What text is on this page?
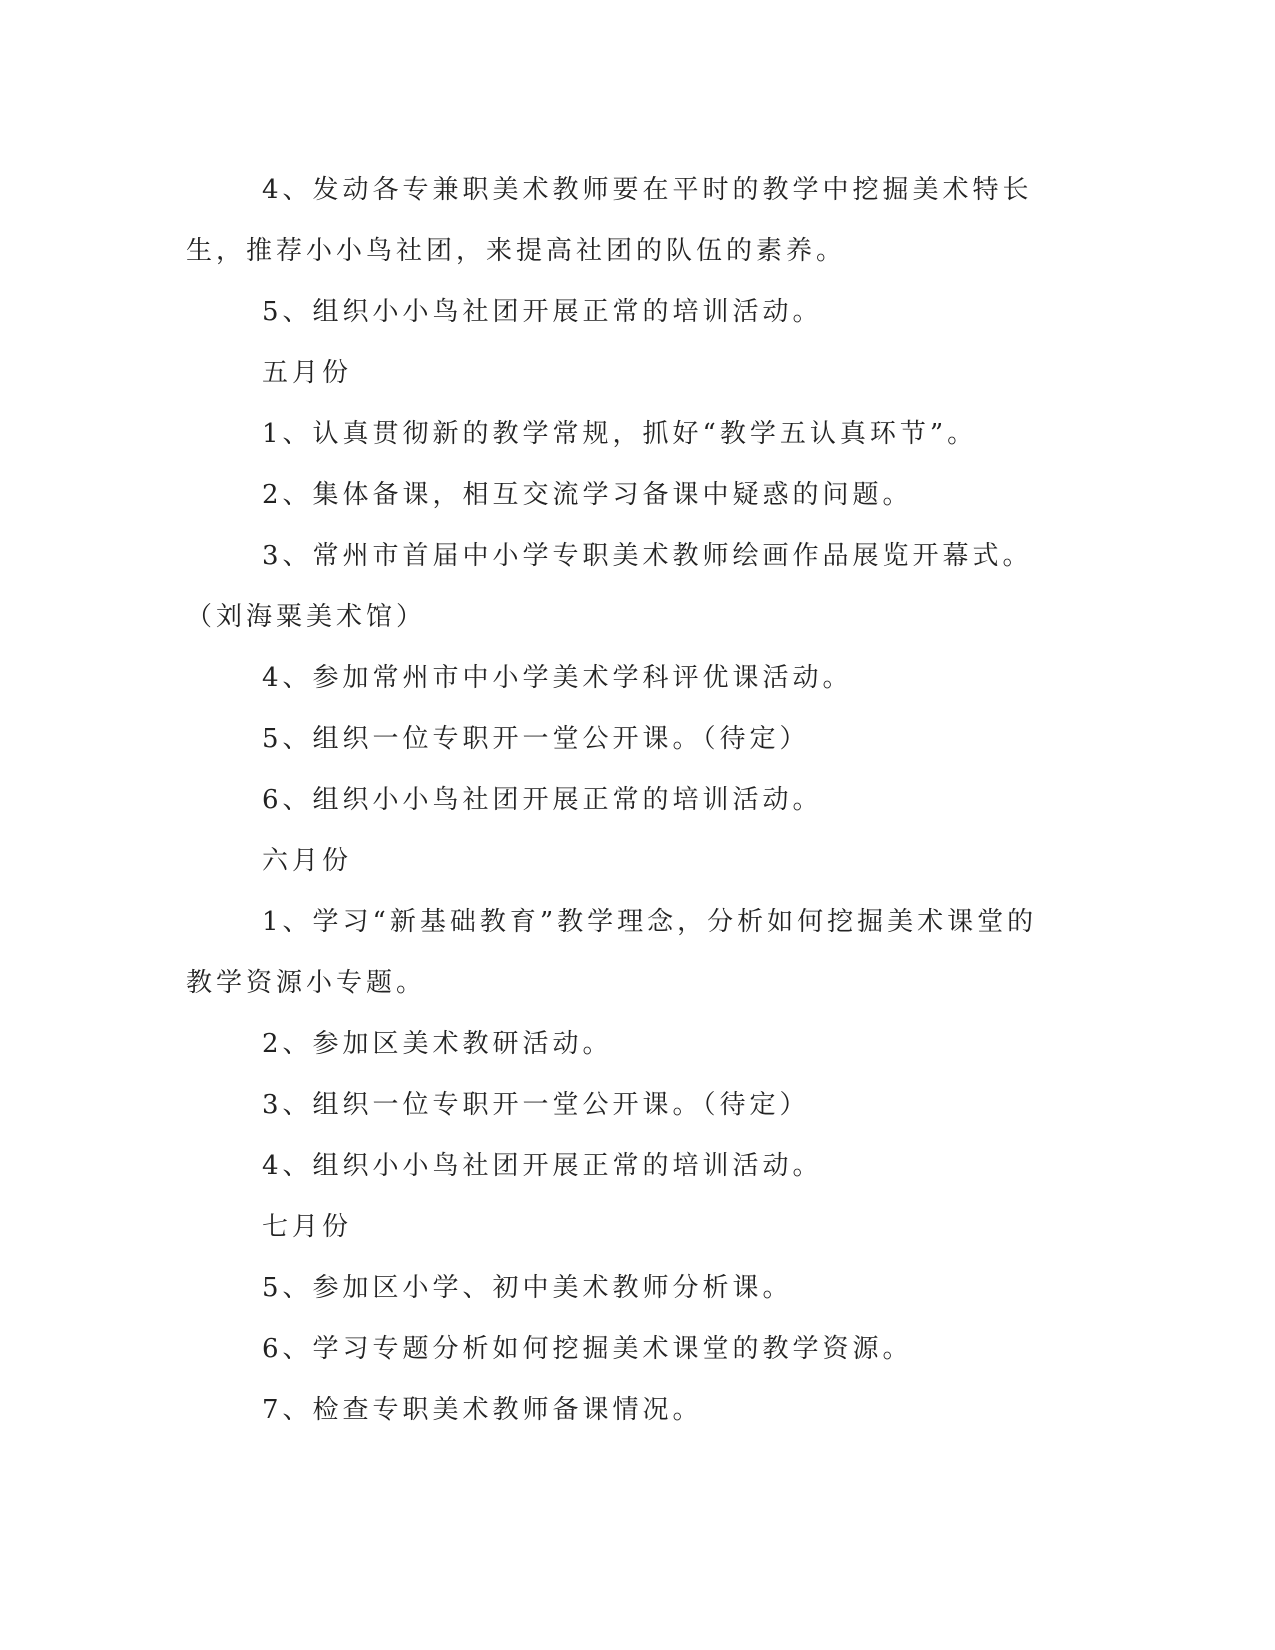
4、发动各专兼职美术教师要在平时的教学中挖掘美术特长生，推荐小小鸟社团，来提高社团的队伍的素养。

5、组织小小鸟社团开展正常的培训活动。

五月份

1、认真贯彻新的教学常规，抓好“教学五认真环节”。

2、集体备课，相互交流学习备课中疑惑的问题。

3、常州市首届中小学专职美术教师绘画作品展览开幕式。（刘海粟美术馆）

4、参加常州市中小学美术学科评优课活动。

5、组织一位专职开一堂公开课。（待定）

6、组织小小鸟社团开展正常的培训活动。

六月份

1、学习“新基础教育”教学理念，分析如何挖掘美术课堂的教学资源小专题。

2、参加区美术教研活动。

3、组织一位专职开一堂公开课。（待定）

4、组织小小鸟社团开展正常的培训活动。

七月份

5、参加区小学、初中美术教师分析课。

6、学习专题分析如何挖掘美术课堂的教学资源。

7、检查专职美术教师备课情况。
